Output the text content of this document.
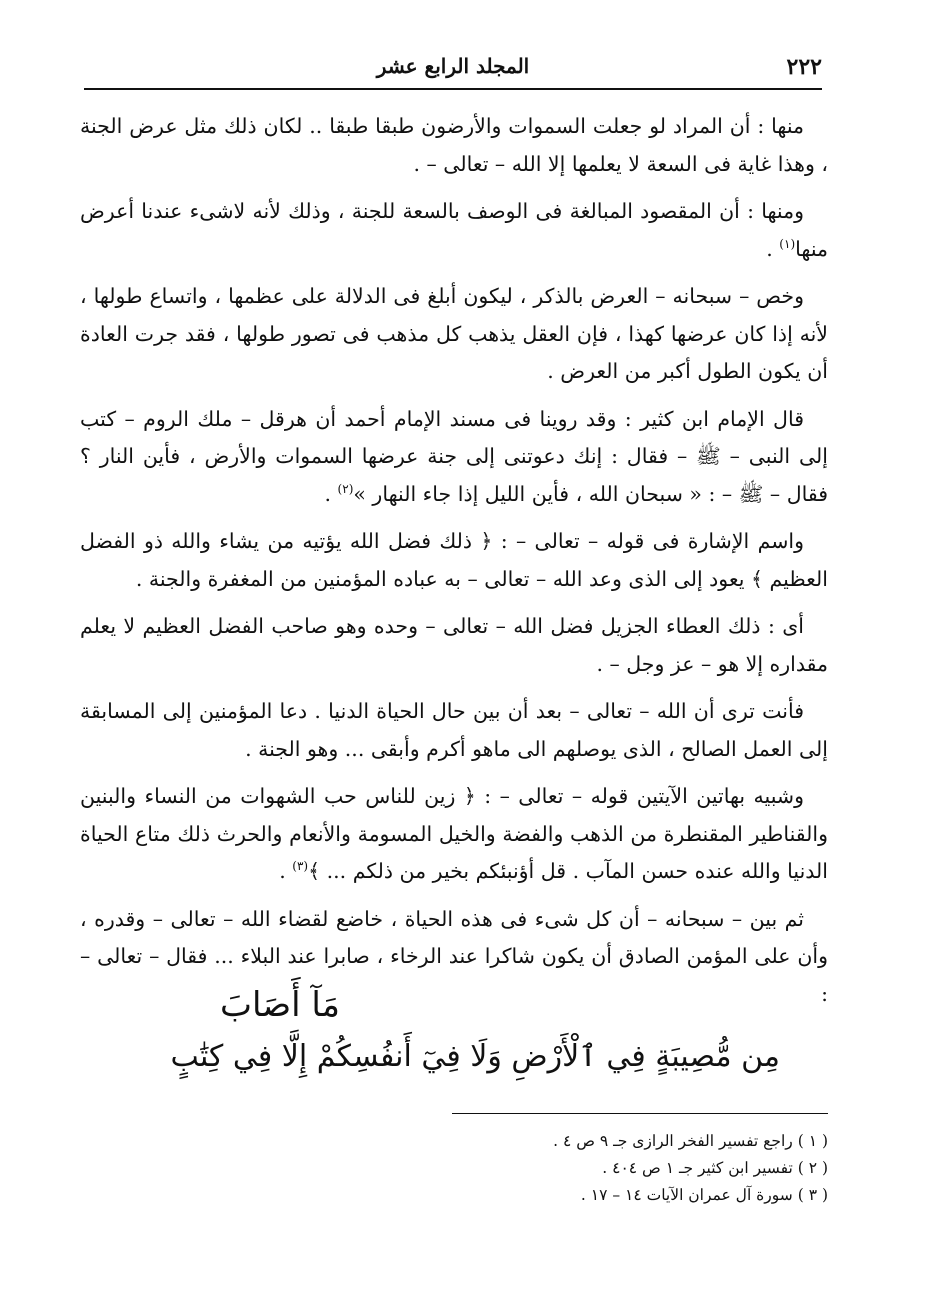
٢٢٢
المجلد الرابع عشر

منها : أن المراد لو جعلت السموات والأرضون طبقا طبقا .. لكان ذلك مثل عرض الجنة ، وهذا غاية فى السعة لا يعلمها إلا الله – تعالى – .

ومنها : أن المقصود المبالغة فى الوصف بالسعة للجنة ، وذلك لأنه لاشىء عندنا أعرض منها$^{(١)}$ .

وخص – سبحانه – العرض بالذكر ، ليكون أبلغ فى الدلالة على عظمها ، واتساع طولها ، لأنه إذا كان عرضها كهذا ، فإن العقل يذهب كل مذهب فى تصور طولها ، فقد جرت العادة أن يكون الطول أكبر من العرض .

قال الإمام ابن كثير : وقد روينا فى مسند الإمام أحمد أن هرقل – ملك الروم – كتب إلى النبى – ﷺ – فقال : إنك دعوتنى إلى جنة عرضها السموات والأرض ، فأين النار ؟ فقال – ﷺ – : « سبحان الله ، فأين الليل إذا جاء النهار »$^{(٢)}$ .

واسم الإشارة فى قوله – تعالى – : ﴿ ذلك فضل الله يؤتيه من يشاء والله ذو الفضل العظيم ﴾ يعود إلى الذى وعد الله – تعالى – به عباده المؤمنين من المغفرة والجنة .

أى : ذلك العطاء الجزيل فضل الله – تعالى – وحده وهو صاحب الفضل العظيم لا يعلم مقداره إلا هو – عز وجل – .

فأنت ترى أن الله – تعالى – بعد أن بين حال الحياة الدنيا . دعا المؤمنين إلى المسابقة إلى العمل الصالح ، الذى يوصلهم الى ماهو أكرم وأبقى ... وهو الجنة .

وشبيه بهاتين الآيتين قوله – تعالى – : ﴿ زين للناس حب الشهوات من النساء والبنين والقناطير المقنطرة من الذهب والفضة والخيل المسومة والأنعام والحرث ذلك متاع الحياة الدنيا والله عنده حسن المآب . قل أؤنبئكم بخير من ذلكم ... ﴾$^{(٣)}$ .

ثم بين – سبحانه – أن كل شىء فى هذه الحياة ، خاضع لقضاء الله – تعالى – وقدره ، وأن على المؤمن الصادق أن يكون شاكرا عند الرخاء ، صابرا عند البلاء ... فقال – تعالى – :

مَآ أَصَابَ
مِن مُّصِيبَةٍ فِي ٱلْأَرْضِ وَلَا فِيٓ أَنفُسِكُمْ إِلَّا فِي كِتَٰبٍ
( ١ ) راجع تفسير الفخر الرازى جـ ٩ ص ٤ .
( ٢ ) تفسير ابن كثير جـ ١ ص ٤٠٤ .
( ٣ ) سورة آل عمران الآيات ١٤ – ١٧ .
